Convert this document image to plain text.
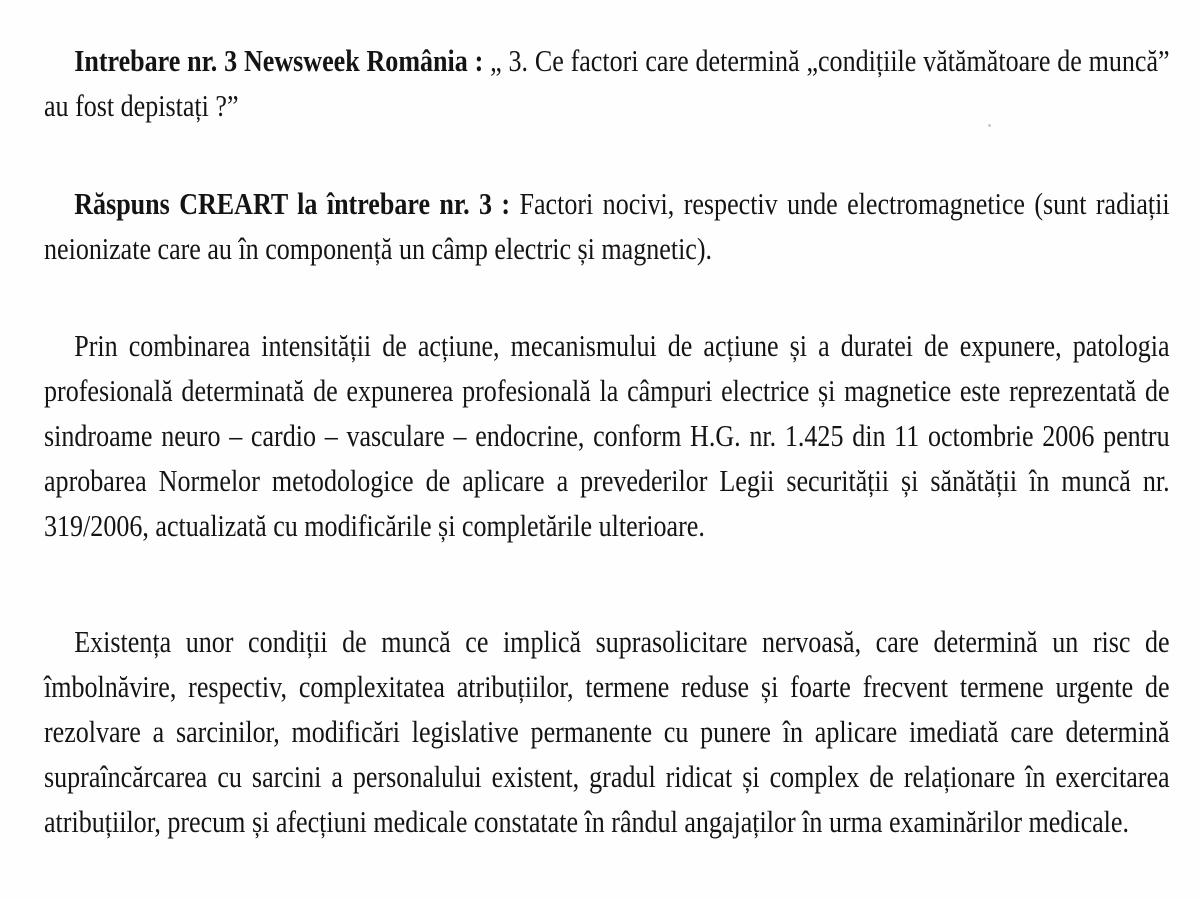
Intrebare nr. 3 Newsweek România : „ 3. Ce factori care determină „condițiile vătămătoare de muncă” au fost depistați ?”

Răspuns CREART la întrebare nr. 3 : Factori nocivi, respectiv unde electromagnetice (sunt radiații neionizate care au în componență un câmp electric și magnetic).

Prin combinarea intensității de acțiune, mecanismului de acțiune și a duratei de expunere, patologia profesională determinată de expunerea profesională la câmpuri electrice și magnetice este reprezentată de sindroame neuro – cardio – vasculare – endocrine, conform H.G. nr. 1.425 din 11 octombrie 2006 pentru aprobarea Normelor metodologice de aplicare a prevederilor Legii securității și sănătății în muncă nr. 319/2006, actualizată cu modificările și completările ulterioare.

Existența unor condiții de muncă ce implică suprasolicitare nervoasă, care determină un risc de îmbolnăvire, respectiv, complexitatea atribuțiilor, termene reduse și foarte frecvent termene urgente de rezolvare a sarcinilor, modificări legislative permanente cu punere în aplicare imediată care determină supraîncărcarea cu sarcini a personalului existent, gradul ridicat și complex de relaționare în exercitarea atribuțiilor, precum și afecțiuni medicale constatate în rândul angajaților în urma examinărilor medicale.
